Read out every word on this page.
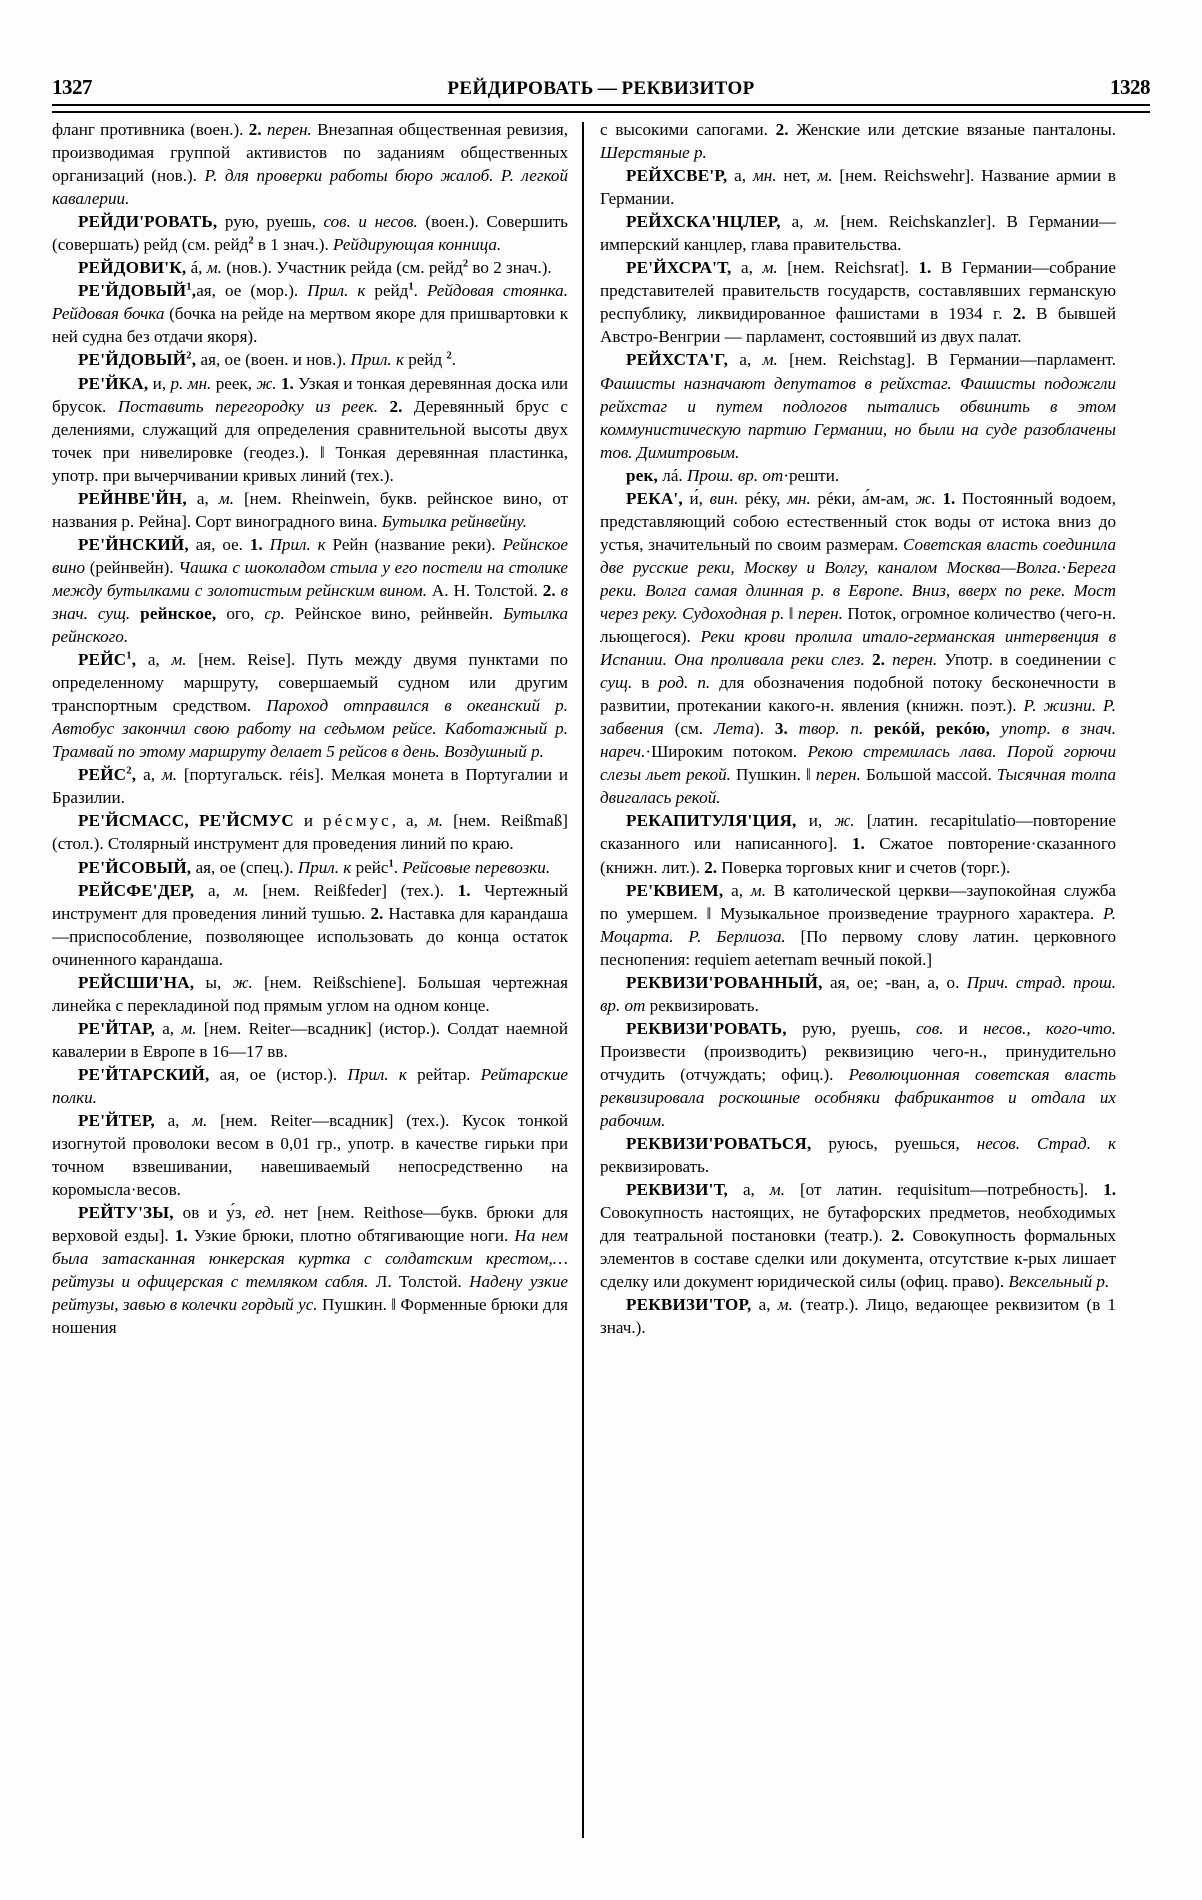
1327	РЕЙДИРОВАТЬ — РЕКВИЗИТОР	1328

фланг противника (воен.). 2. перен. Внезапная общественная ревизия, производимая группой активистов по заданиям общественных организаций (нов.). Р. для проверки работы бюро жалоб. Р. легкой кавалерии.

РЕЙДИ'РОВАТЬ, рую, руешь, сов. и несов. (воен.). Совершить (совершать) рейд (см. рейд$^2$ в 1 знач.). Рейдирующая конница.

РЕЙДОВИ'К, á, м. (нов.). Участник рейда (см. рейд$^2$ во 2 знач.).

РЕ'ЙДОВЫЙ$^1$,ая, ое (мор.). Прил. к рейд$^1$. Рейдовая стоянка. Рейдовая бочка (бочка на рейде на мертвом якоре для пришвартовки к ней судна без отдачи якоря).

РЕ'ЙДОВЫЙ$^2$, ая, ое (воен. и нов.). Прил. к рейд $^2$.

РЕ'ЙКА, и, р. мн. реек, ж. 1. Узкая и тонкая деревянная доска или брусок. Поставить перегородку из реек. 2. Деревянный брус с делениями, служащий для определения сравнительной высоты двух точек при нивелировке (геодез.). ‖ Тонкая деревянная пластинка, употр. при вычерчивании кривых линий (тех.).

РЕЙНВЕ'ЙН, а, м. [нем. Rheinwein, букв. рейнское вино, от названия р. Рейна]. Сорт виноградного вина. Бутылка рейнвейну.

РЕ'ЙНСКИЙ, ая, ое. 1. Прил. к Рейн (название реки). Рейнское вино (рейнвейн). Чашка с шоколадом стыла у его постели на столике между бутылками с золотистым рейнским вином. А. Н. Толстой. 2. в знач. сущ. рейнское, ого, ср. Рейнское вино, рейнвейн. Бутылка рейнского.

РЕЙС$^1$, а, м. [нем. Reise]. Путь между двумя пунктами по определенному маршруту, совершаемый судном или другим транспортным средством. Пароход отправился в океанский р. Автобус закончил свою работу на седьмом рейсе. Каботажный р. Трамвай по этому маршруту делает 5 рейсов в день. Воздушный р.

РЕЙС$^2$, а, м. [португальск. réis]. Мелкая монета в Португалии и Бразилии.

РЕ'ЙСМАСС, РЕ'ЙСМУС и рéсмус, а, м. [нем. Reißmaß] (стол.). Столярный инструмент для проведения линий по краю.

РЕ'ЙСОВЫЙ, ая, ое (спец.). Прил. к рейс$^1$. Рейсовые перевозки.

РЕЙСФЕ'ДЕР, а, м. [нем. Reißfeder] (тех.). 1. Чертежный инструмент для проведения линий тушью. 2. Наставка для карандаша—приспособление, позволяющее использовать до конца остаток очиненного карандаша.

РЕЙСШИ'НА, ы, ж. [нем. Reißschiene]. Большая чертежная линейка с перекладиной под прямым углом на одном конце.

РЕ'ЙТАР, а, м. [нем. Reiter—всадник] (истор.). Солдат наемной кавалерии в Европе в 16—17 вв.

РЕ'ЙТАРСКИЙ, ая, ое (истор.). Прил. к рейтар. Рейтарские полки.

РЕ'ЙТЕР, а, м. [нем. Reiter—всадник] (тех.). Кусок тонкой изогнутой проволоки весом в 0,01 гр., употр. в качестве гирьки при точном взвешивании, навешиваемый непосредственно на коромысла·весов.

РЕЙТУ'ЗЫ, ов и у́з, ед. нет [нем. Reithose—букв. брюки для верховой езды]. 1. Узкие брюки, плотно обтягивающие ноги. На нем была затасканная юнкерская куртка с солдатским крестом,… рейтузы и офицерская с темляком сабля. Л. Толстой. Надену узкие рейтузы, завью в колечки гордый ус. Пушкин. ‖ Форменные брюки для ношения

с высокими сапогами. 2. Женские или детские вязаные панталоны. Шерстяные р.

РЕЙХСВЕ'Р, а, мн. нет, м. [нем. Reichswehr]. Название армии в Германии.

РЕЙХСКА'НЦЛЕР, а, м. [нем. Reichskanzler]. В Германии—имперский канцлер, глава правительства.

РЕ'ЙХСРА'Т, а, м. [нем. Reichsrat]. 1. В Германии—собрание представителей правительств государств, составлявших германскую республику, ликвидированное фашистами в 1934 г. 2. В бывшей Австро-Венгрии — парламент, состоявший из двух палат.

РЕЙХСТА'Г, а, м. [нем. Reichstag]. В Германии—парламент. Фашисты назначают депутатов в рейхстаг. Фашисты подожгли рейхстаг и путем подлогов пытались обвинить в этом коммунистическую партию Германии, но были на суде разоблачены тов. Димитровым.

рек, лá. Прош. вр. от·решти.

РЕКА', и́, вин. рéку, мн. рéки, а́м-ам, ж. 1. Постоянный водоем, представляющий собою естественный сток воды от истока вниз до устья, значительный по своим размерам. Советская власть соединила две русские реки, Москву и Волгу, каналом Москва—Волга.·Берега реки. Волга самая длинная р. в Европе. Вниз, вверх по реке. Мост через реку. Судоходная р. ‖ перен. Поток, огромное количество (чего-н. льющегося). Реки крови пролила итало-германская интервенция в Испании. Она проливала реки слез. 2. перен. Употр. в соединении с сущ. в род. п. для обозначения подобной потоку бесконечности в развитии, протекании какого-н. явления (книжн. поэт.). Р. жизни. Р. забвения (см. Лета). 3. твор. п. рекóй, рекóю, употр. в знач. нареч.·Широким потоком. Рекою стремилась лава. Порой горючи слезы льет рекой. Пушкин. ‖ перен. Большой массой. Тысячная толпа двигалась рекой.

РЕКАПИТУЛЯ'ЦИЯ, и, ж. [латин. recapitulatio—повторение сказанного или написанного]. 1. Сжатое повторение·сказанного (книжн. лит.). 2. Поверка торговых книг и счетов (торг.).

РЕ'КВИЕМ, а, м. В католической церкви—заупокойная служба по умершем. ‖ Музыкальное произведение траурного характера. Р. Моцарта. Р. Берлиоза. [По первому слову латин. церковного песнопения: requiem aeternam вечный покой.]

РЕКВИЗИ'РОВАННЫЙ, ая, ое; -ван, а, о. Прич. страд. прош. вр. от реквизировать.

РЕКВИЗИ'РОВАТЬ, рую, руешь, сов. и несов., кого-что. Произвести (производить) реквизицию чего-н., принудительно отчудить (отчуждать; офиц.). Революционная советская власть реквизировала роскошные особняки фабрикантов и отдала их рабочим.

РЕКВИЗИ'РОВАТЬСЯ, руюсь, руешься, несов. Страд. к реквизировать.

РЕКВИЗИ'Т, а, м. [от латин. requisitum—потребность]. 1. Совокупность настоящих, не бутафорских предметов, необходимых для театральной постановки (театр.). 2. Совокупность формальных элементов в составе сделки или документа, отсутствие к-рых лишает сделку или документ юридической силы (офиц. право). Вексельный р.

РЕКВИЗИ'ТОР, а, м. (театр.). Лицо, ведающее реквизитом (в 1 знач.).
